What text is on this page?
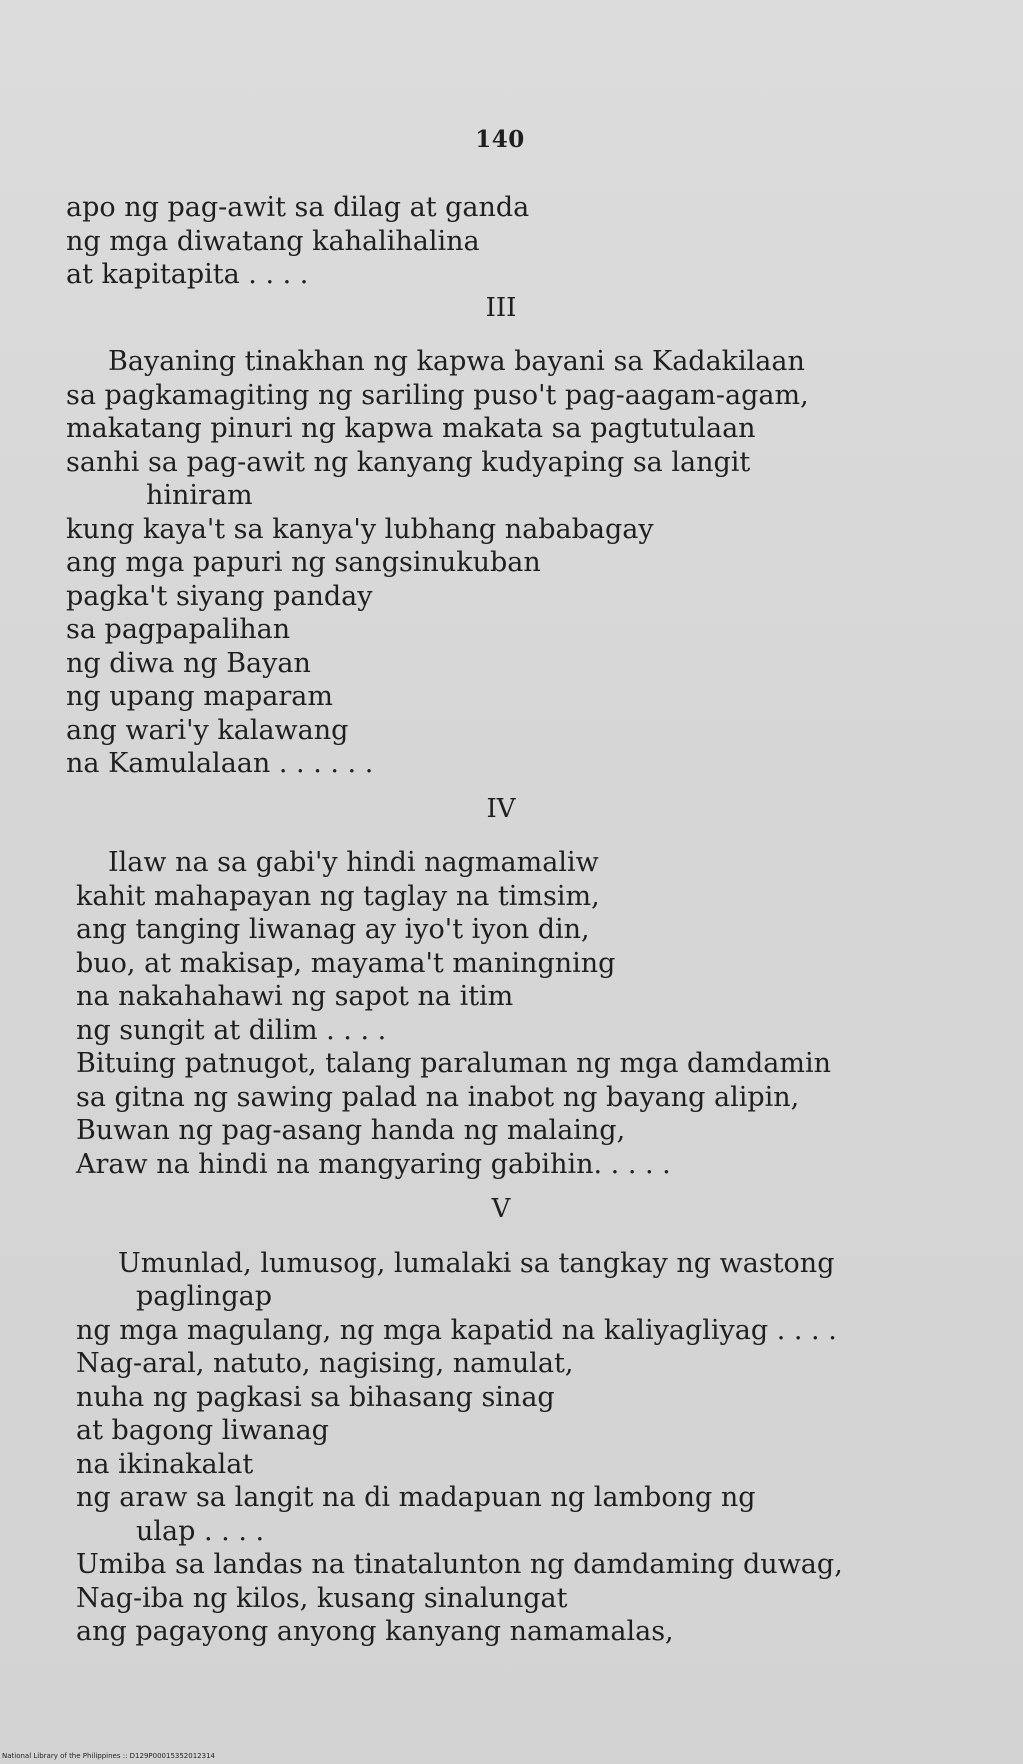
140
apo ng pag-awit sa dilag at ganda
ng mga diwatang kahalihalina
at kapitapita . . . .
III
Bayaning tinakhan ng kapwa bayani sa Kadakilaan
sa pagkamagiting ng sariling puso't pag-aagam-agam,
makatang pinuri ng kapwa makata sa pagtutulaan
sanhi sa pag-awit ng kanyang kudyaping sa langit
hiniram
kung kaya't sa kanya'y lubhang nababagay
ang mga papuri ng sangsinukuban
pagka't siyang panday
sa pagpapalihan
ng diwa ng Bayan
ng upang maparam
ang wari'y kalawang
na Kamulalaan . . . . . .
IV
Ilaw na sa gabi'y hindi nagmamaliw
kahit mahapayan ng taglay na timsim,
ang tanging liwanag ay iyo't iyon din,
buo, at makisap, mayama't maningning
na nakahahawi ng sapot na itim
ng sungit at dilim . . . .
Bituing patnugot, talang paraluman ng mga damdamin
sa gitna ng sawing palad na inabot ng bayang alipin,
Buwan ng pag-asang handa ng malaing,
Araw na hindi na mangyaring gabihin. . . . .
V
Umunlad, lumusog, lumalaki sa tangkay ng wastong
paglingap
ng mga magulang, ng mga kapatid na kaliyagliyag . . . .
Nag-aral, natuto, nagising, namulat,
nuha ng pagkasi sa bihasang sinag
at bagong liwanag
na ikinakalat
ng araw sa langit na di madapuan ng lambong ng
ulap . . . .
Umiba sa landas na tinatalunton ng damdaming duwag,
Nag-iba ng kilos, kusang sinalungat
ang pagayong anyong kanyang namamalas,
National Library of the Philippines :: D129P00015352012314
